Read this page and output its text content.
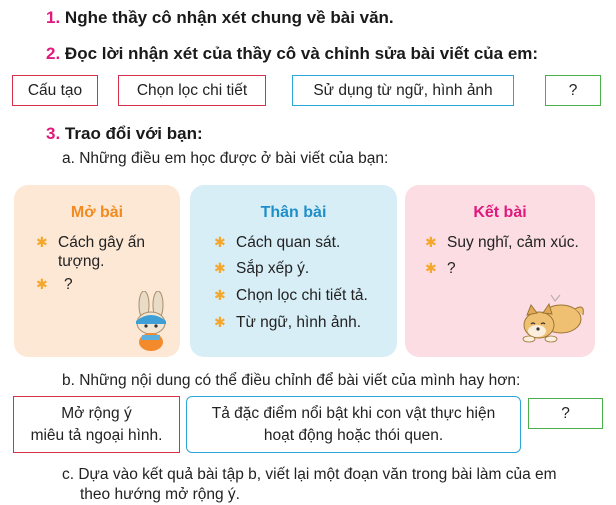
1. Nghe thầy cô nhận xét chung về bài văn.
2. Đọc lời nhận xét của thầy cô và chỉnh sửa bài viết của em:
Cấu tạo	Chọn lọc chi tiết	Sử dụng từ ngữ, hình ảnh	?
3. Trao đổi với bạn:
a. Những điều em học được ở bài viết của bạn:
Mở bài
✱ Cách gây ấn tượng.
✱	?
Thân bài
✱ Cách quan sát.
✱ Sắp xếp ý.
✱ Chọn lọc chi tiết tả.
✱ Từ ngữ, hình ảnh.
Kết bài
✱ Suy nghĩ, cảm xúc.
✱ ?
b. Những nội dung có thể điều chỉnh để bài viết của mình hay hơn:
Mở rộng ý
miêu tả ngoại hình.
Tả đặc điểm nổi bật khi con vật thực hiện
hoạt động hoặc thói quen.
?
c. Dựa vào kết quả bài tập b, viết lại một đoạn văn trong bài làm của em
theo hướng mở rộng ý.
